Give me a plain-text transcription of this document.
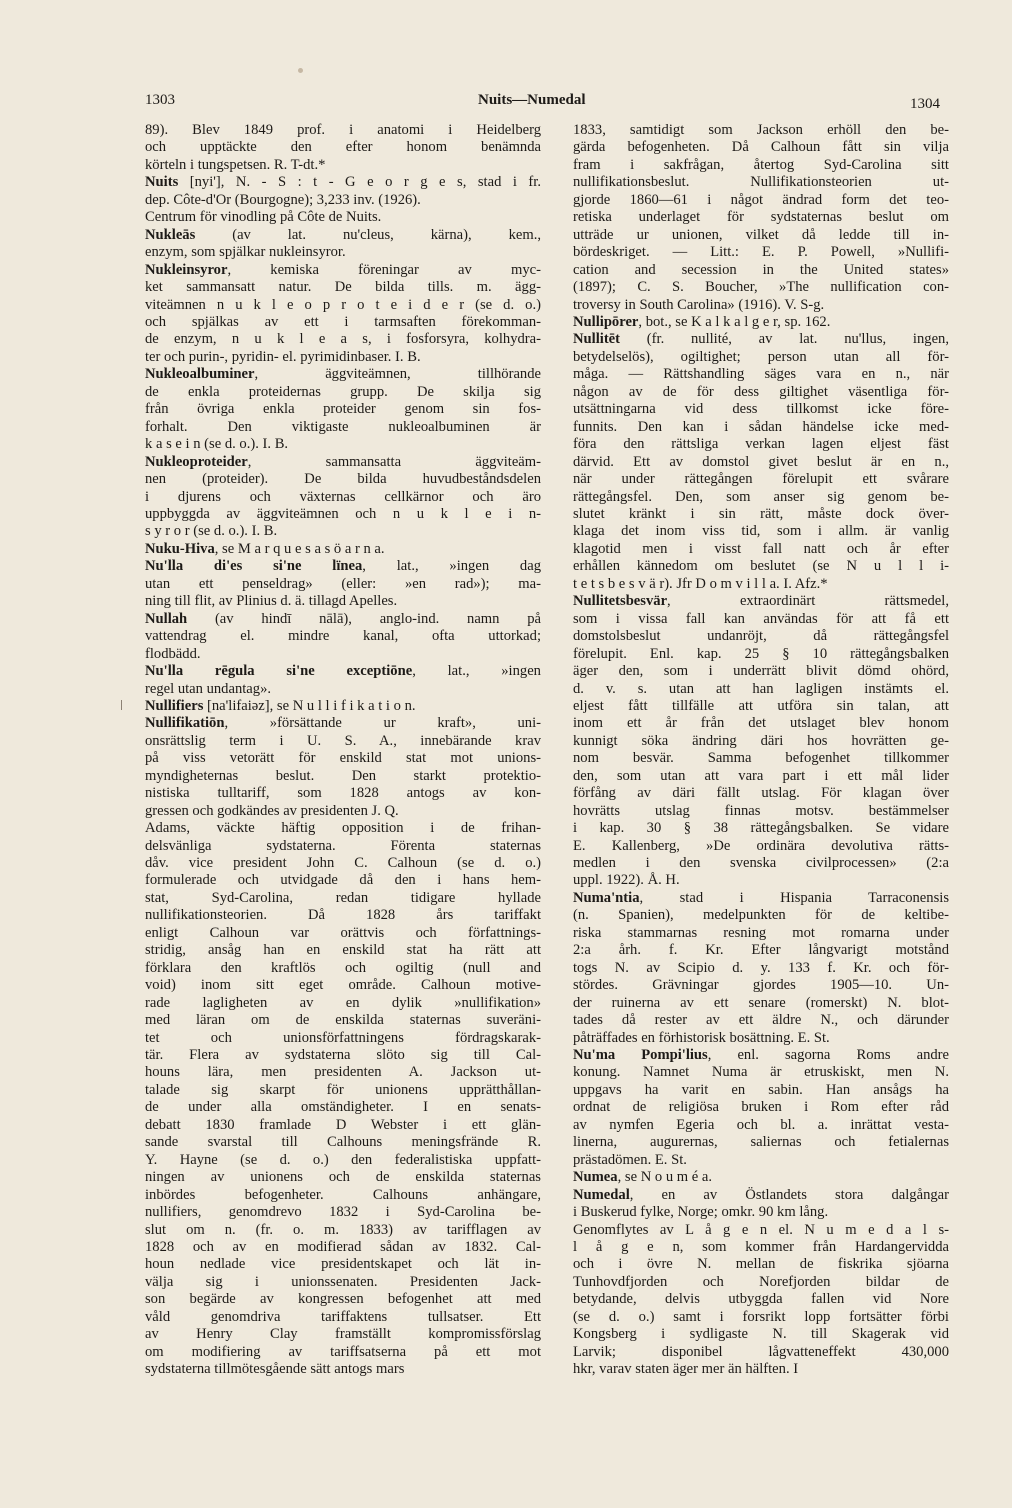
1303	Nuits—Numedal	1304
89). Blev 1849 prof. i anatomi i Heidelberg
och upptäckte den efter honom benämnda
körteln i tungspetsen. R. T-dt.*
Nuits [nyi'], N. - S : t - G e o r g e s, stad i fr.
dep. Côte-d'Or (Bourgogne); 3,233 inv. (1926).
Centrum för vinodling på Côte de Nuits.
Nukleās (av lat. nu'cleus, kärna), kem.,
enzym, som spjälkar nukleinsyror.
Nukleinsyror, kemiska föreningar av myc-
ket sammansatt natur. De bilda tills. m. ägg-
viteämnen n u k l e o p r o t e i d e r (se d. o.)
och spjälkas av ett i tarmsaften förekomman-
de enzym, n u k l e a s, i fosforsyra, kolhydra-
ter och purin-, pyridin- el. pyrimidinbaser. I. B.
Nukleoalbuminer, äggviteämnen, tillhörande
de enkla proteidernas grupp. De skilja sig
från övriga enkla proteider genom sin fos-
forhalt. Den viktigaste nukleoalbuminen är
k a s e i n (se d. o.). I. B.
Nukleoproteider, sammansatta äggviteäm-
nen (proteider). De bilda huvudbeståndsdelen
i djurens och växternas cellkärnor och äro
uppbyggda av äggviteämnen och n u k l e i n-
s y r o r (se d. o.). I. B.
Nuku-Hiva, se M a r q u e s a s ö a r n a.
Nu'lla di'es si'ne lïnea, lat., »ingen dag
utan ett penseldrag» (eller: »en rad»); ma-
ning till flit, av Plinius d. ä. tillagd Apelles.
Nullah (av hindī nālā), anglo-ind. namn på
vattendrag el. mindre kanal, ofta uttorkad;
flodbädd.
Nu'lla rēgula si'ne exceptiōne, lat., »ingen
regel utan undantag».
Nullifiers [na'lifaiəz], se N u l l i f i k a t i o n.
Nullifikatiōn, »försättande ur kraft», uni-
onsrättslig term i U. S. A., innebärande krav
på viss vetorätt för enskild stat mot unions-
myndigheternas beslut. Den starkt protektio-
nistiska tulltariff, som 1828 antogs av kon-
gressen och godkändes av presidenten J. Q.
Adams, väckte häftig opposition i de frihan-
delsvänliga sydstaterna. Förenta staternas
dåv. vice president John C. Calhoun (se d. o.)
formulerade och utvidgade då den i hans hem-
stat, Syd-Carolina, redan tidigare hyllade
nullifikationsteorien. Då 1828 års tariffakt
enligt Calhoun var orättvis och författnings-
stridig, ansåg han en enskild stat ha rätt att
förklara den kraftlös och ogiltig (null and
void) inom sitt eget område. Calhoun motive-
rade lagligheten av en dylik »nullifikation»
med läran om de enskilda staternas suveräni-
tet och unionsförfattningens fördragskarak-
tär. Flera av sydstaterna slöto sig till Cal-
houns lära, men presidenten A. Jackson ut-
talade sig skarpt för unionens upprätthållan-
de under alla omständigheter. I en senats-
debatt 1830 framlade D Webster i ett glän-
sande svarstal till Calhouns meningsfrände R.
Y. Hayne (se d. o.) den federalistiska uppfatt-
ningen av unionens och de enskilda staternas
inbördes befogenheter. Calhouns anhängare,
nullifiers, genomdrevo 1832 i Syd-Carolina be-
slut om n. (fr. o. m. 1833) av tarifflagen av
1828 och av en modifierad sådan av 1832. Cal-
houn nedlade vice presidentskapet och lät in-
välja sig i unionssenaten. Presidenten Jack-
son begärde av kongressen befogenhet att med
våld genomdriva tariffaktens tullsatser. Ett
av Henry Clay framställt kompromissförslag
om modifiering av tariffsatserna på ett mot
sydstaterna tillmötesgående sätt antogs mars
1833, samtidigt som Jackson erhöll den be-
gärda befogenheten. Då Calhoun fått sin vilja
fram i sakfrågan, återtog Syd-Carolina sitt
nullifikationsbeslut. Nullifikationsteorien ut-
gjorde 1860—61 i något ändrad form det teo-
retiska underlaget för sydstaternas beslut om
utträde ur unionen, vilket då ledde till in-
bördeskriget. — Litt.: E. P. Powell, »Nullifi-
cation and secession in the United states»
(1897); C. S. Boucher, »The nullification con-
troversy in South Carolina» (1916). V. S-g.
Nullipōrer, bot., se K a l k a l g e r, sp. 162.
Nullitēt (fr. nullité, av lat. nu'llus, ingen,
betydelselös), ogiltighet; person utan all för-
måga. — Rättshandling säges vara en n., när
någon av de för dess giltighet väsentliga för-
utsättningarna vid dess tillkomst icke före-
funnits. Den kan i sådan händelse icke med-
föra den rättsliga verkan lagen eljest fäst
därvid. Ett av domstol givet beslut är en n.,
när under rättegången förelupit ett svårare
rättegångsfel. Den, som anser sig genom be-
slutet kränkt i sin rätt, måste dock över-
klaga det inom viss tid, som i allm. är vanlig
klagotid men i visst fall natt och år efter
erhållen kännedom om beslutet (se N u l l i-
t e t s b e s v ä r). Jfr D o m v i l l a. I. Afz.*
Nullitetsbesvär, extraordinärt rättsmedel,
som i vissa fall kan användas för att få ett
domstolsbeslut undanröjt, då rättegångsfel
förelupit. Enl. kap. 25 § 10 rättegångsbalken
äger den, som i underrätt blivit dömd ohörd,
d. v. s. utan att han lagligen instämts el.
eljest fått tillfälle att utföra sin talan, att
inom ett år från det utslaget blev honom
kunnigt söka ändring däri hos hovrätten ge-
nom besvär. Samma befogenhet tillkommer
den, som utan att vara part i ett mål lider
förfång av däri fällt utslag. För klagan över
hovrätts utslag finnas motsv. bestämmelser
i kap. 30 § 38 rättegångsbalken. Se vidare
E. Kallenberg, »De ordinära devolutiva rätts-
medlen i den svenska civilprocessen» (2:a
uppl. 1922). Å. H.
Numa'ntia, stad i Hispania Tarraconensis
(n. Spanien), medelpunkten för de keltibe-
riska stammarnas resning mot romarna under
2:a årh. f. Kr. Efter långvarigt motstånd
togs N. av Scipio d. y. 133 f. Kr. och för-
stördes. Grävningar gjordes 1905—10. Un-
der ruinerna av ett senare (romerskt) N. blot-
tades då rester av ett äldre N., och därunder
påträffades en förhistorisk bosättning. E. St.
Nu'ma Pompi'lius, enl. sagorna Roms andre
konung. Namnet Numa är etruskiskt, men N.
uppgavs ha varit en sabin. Han ansågs ha
ordnat de religiösa bruken i Rom efter råd
av nymfen Egeria och bl. a. inrättat vesta-
linerna, augurernas, saliernas och fetialernas
prästadömen. E. St.
Numea, se N o u m é a.
Numedal, en av Östlandets stora dalgångar
i Buskerud fylke, Norge; omkr. 90 km lång.
Genomflytes av L å g e n el. N u m e d a l s-
l å g e n, som kommer från Hardangervidda
och i övre N. mellan de fiskrika sjöarna
Tunhovdfjorden och Norefjorden bildar de
betydande, delvis utbyggda fallen vid Nore
(se d. o.) samt i forsrikt lopp fortsätter förbi
Kongsberg i sydligaste N. till Skagerak vid
Larvik; disponibel lågvatteneffekt 430,000
hkr, varav staten äger mer än hälften. I
